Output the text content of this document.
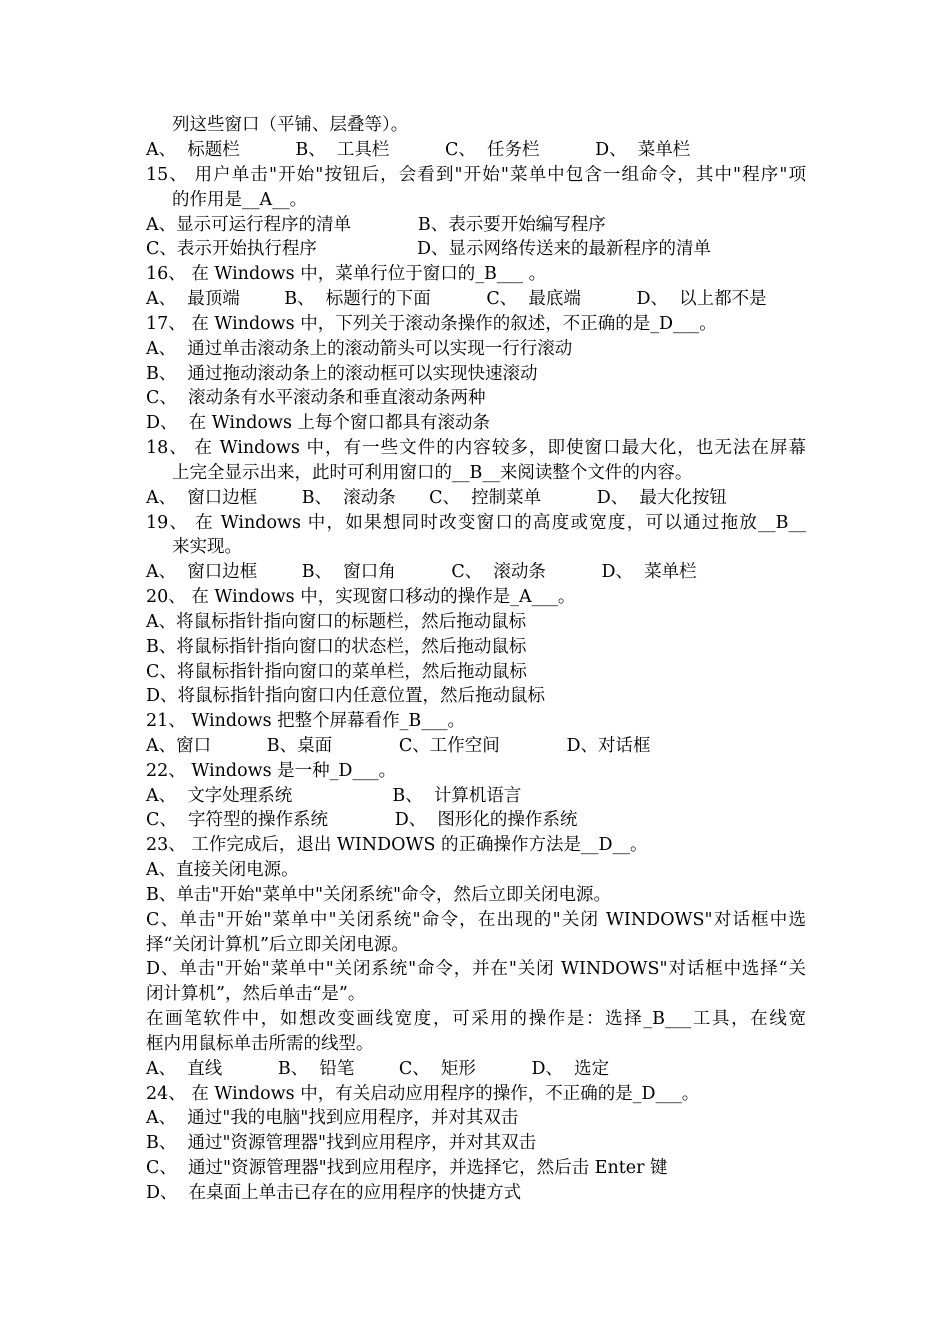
列这些窗口（平铺、层叠等）。
A、  标题栏          B、  工具栏          C、  任务栏          D、  菜单栏
15、 用户单击"开始"按钮后，会看到"开始"菜单中包含一组命令，其中"程序"项
的作用是__A__。
A、显示可运行程序的清单            B、表示要开始编写程序
C、表示开始执行程序                  D、显示网络传送来的最新程序的清单
16、 在 Windows 中，菜单行位于窗口的_B___ 。
A、  最顶端        B、  标题行的下面          C、  最底端          D、  以上都不是
17、 在 Windows 中，下列关于滚动条操作的叙述，不正确的是_D___。
A、  通过单击滚动条上的滚动箭头可以实现一行行滚动
B、  通过拖动滚动条上的滚动框可以实现快速滚动
C、  滚动条有水平滚动条和垂直滚动条两种
D、  在 Windows 上每个窗口都具有滚动条
18、 在 Windows 中，有一些文件的内容较多，即使窗口最大化，也无法在屏幕
上完全显示出来，此时可利用窗口的__B__来阅读整个文件的内容。
A、  窗口边框        B、  滚动条      C、  控制菜单          D、  最大化按钮
19、 在 Windows 中，如果想同时改变窗口的高度或宽度，可以通过拖放__B__
来实现。
A、  窗口边框        B、  窗口角          C、  滚动条          D、  菜单栏
20、 在 Windows 中，实现窗口移动的操作是_A___。
A、将鼠标指针指向窗口的标题栏，然后拖动鼠标
B、将鼠标指针指向窗口的状态栏，然后拖动鼠标
C、将鼠标指针指向窗口的菜单栏，然后拖动鼠标
D、将鼠标指针指向窗口内任意位置，然后拖动鼠标
21、 Windows 把整个屏幕看作_B___。
A、窗口          B、桌面            C、工作空间            D、对话框
22、 Windows 是一种_D___。
A、  文字处理系统                  B、  计算机语言
C、  字符型的操作系统            D、  图形化的操作系统
23、 工作完成后，退出 WINDOWS 的正确操作方法是__D__。
A、直接关闭电源。
B、单击"开始"菜单中"关闭系统"命令，然后立即关闭电源。
C、单击"开始"菜单中"关闭系统"命令，在出现的"关闭 WINDOWS"对话框中选
择“关闭计算机”后立即关闭电源。
D、单击"开始"菜单中"关闭系统"命令，并在"关闭 WINDOWS"对话框中选择“关
闭计算机”，然后单击“是”。
在画笔软件中，如想改变画线宽度，可采用的操作是：选择_B___工具，在线宽
框内用鼠标单击所需的线型。
A、  直线          B、  铅笔        C、  矩形          D、  选定
24、 在 Windows 中，有关启动应用程序的操作，不正确的是_D___。
A、  通过"我的电脑"找到应用程序，并对其双击
B、  通过"资源管理器"找到应用程序，并对其双击
C、  通过"资源管理器"找到应用程序，并选择它，然后击 Enter 键
D、  在桌面上单击已存在的应用程序的快捷方式
